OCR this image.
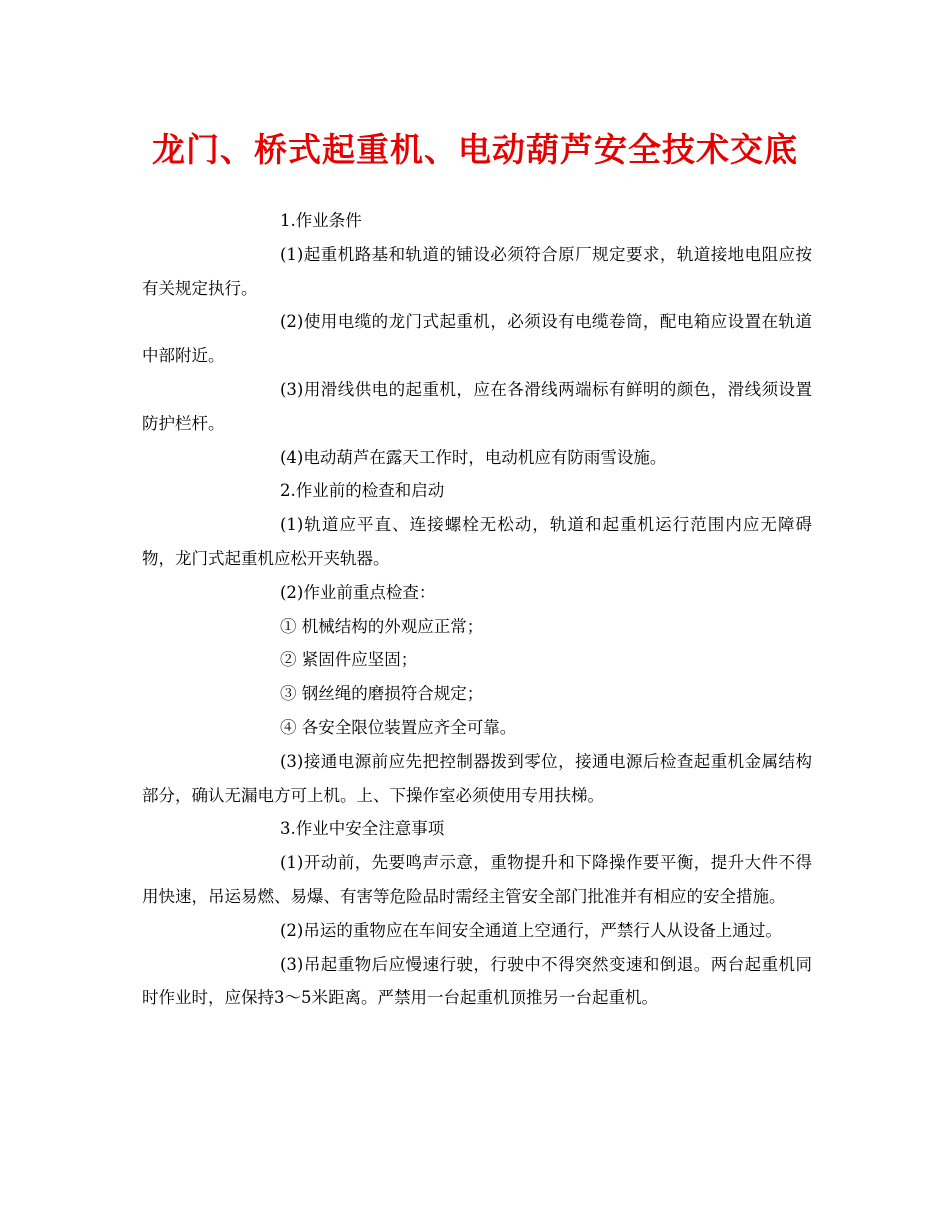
龙门、桥式起重机、电动葫芦安全技术交底

1.作业条件

(1)起重机路基和轨道的铺设必须符合原厂规定要求，轨道接地电阻应按有关规定执行。

(2)使用电缆的龙门式起重机，必须设有电缆卷筒，配电箱应设置在轨道中部附近。

(3)用滑线供电的起重机，应在各滑线两端标有鲜明的颜色，滑线须设置防护栏杆。

(4)电动葫芦在露天工作时，电动机应有防雨雪设施。

2.作业前的检查和启动

(1)轨道应平直、连接螺栓无松动，轨道和起重机运行范围内应无障碍物，龙门式起重机应松开夹轨器。

(2)作业前重点检查：

① 机械结构的外观应正常；

② 紧固件应坚固；

③ 钢丝绳的磨损符合规定；

④ 各安全限位装置应齐全可靠。

(3)接通电源前应先把控制器拨到零位，接通电源后检查起重机金属结构部分，确认无漏电方可上机。上、下操作室必须使用专用扶梯。

3.作业中安全注意事项

(1)开动前，先要鸣声示意，重物提升和下降操作要平衡，提升大件不得用快速，吊运易燃、易爆、有害等危险品时需经主管安全部门批准并有相应的安全措施。

(2)吊运的重物应在车间安全通道上空通行，严禁行人从设备上通过。

(3)吊起重物后应慢速行驶，行驶中不得突然变速和倒退。两台起重机同时作业时，应保持3～5米距离。严禁用一台起重机顶推另一台起重机。
